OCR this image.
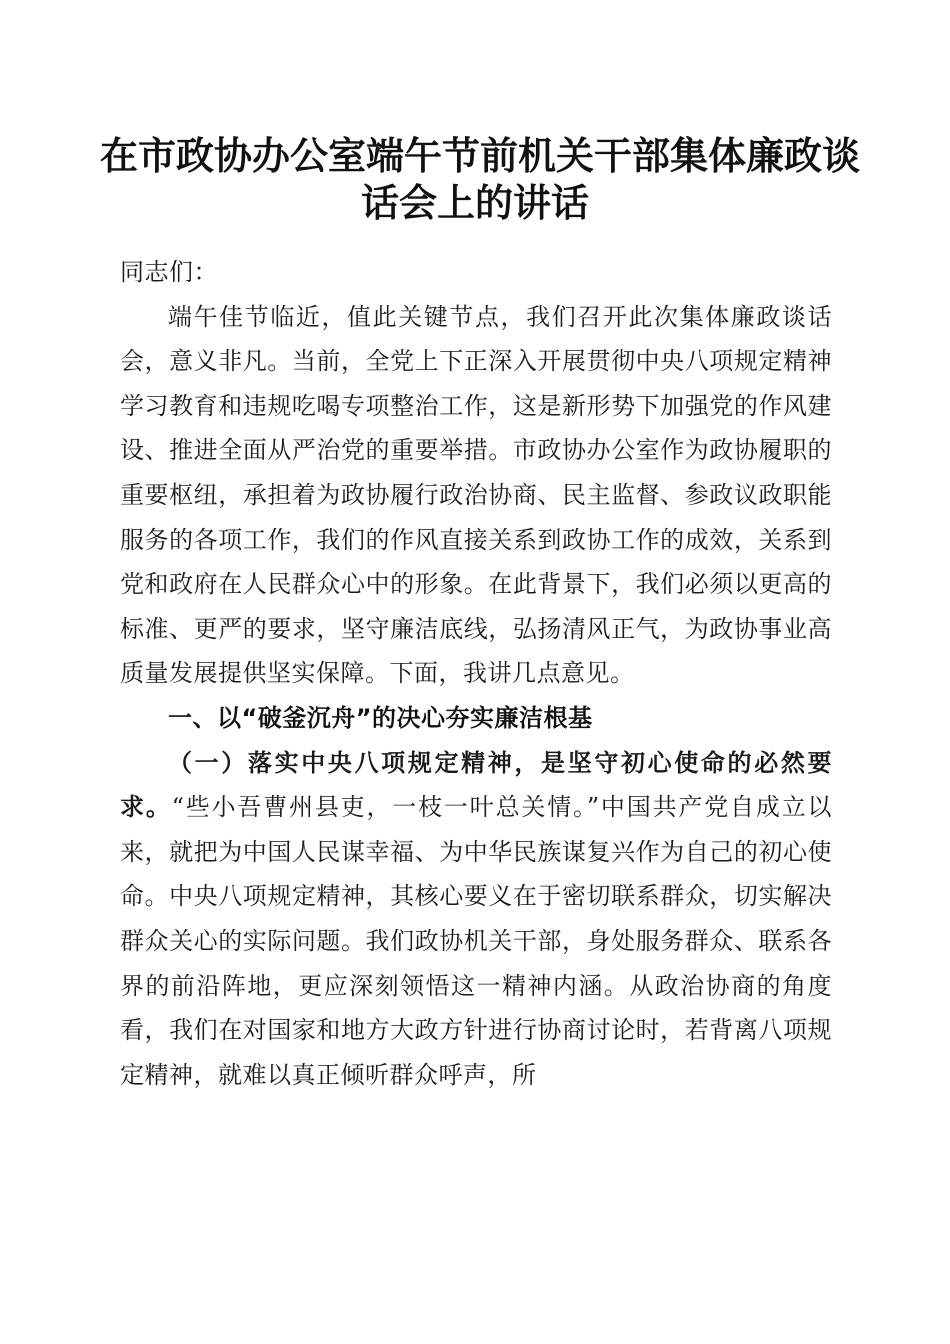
在市政协办公室端午节前机关干部集体廉政谈
话会上的讲话

同志们：

端午佳节临近，值此关键节点，我们召开此次集体廉政谈话会，意义非凡。当前，全党上下正深入开展贯彻中央八项规定精神学习教育和违规吃喝专项整治工作，这是新形势下加强党的作风建设、推进全面从严治党的重要举措。市政协办公室作为政协履职的重要枢纽，承担着为政协履行政治协商、民主监督、参政议政职能服务的各项工作，我们的作风直接关系到政协工作的成效，关系到党和政府在人民群众心中的形象。在此背景下，我们必须以更高的标准、更严的要求，坚守廉洁底线，弘扬清风正气，为政协事业高质量发展提供坚实保障。下面，我讲几点意见。

一、以“破釜沉舟”的决心夯实廉洁根基

（一）落实中央八项规定精神，是坚守初心使命的必然要求。“些小吾曹州县吏，一枝一叶总关情。”中国共产党自成立以来，就把为中国人民谋幸福、为中华民族谋复兴作为自己的初心使命。中央八项规定精神，其核心要义在于密切联系群众，切实解决群众关心的实际问题。我们政协机关干部，身处服务群众、联系各界的前沿阵地，更应深刻领悟这一精神内涵。从政治协商的角度看，我们在对国家和地方大政方针进行协商讨论时，若背离八项规定精神，就难以真正倾听群众呼声，所
